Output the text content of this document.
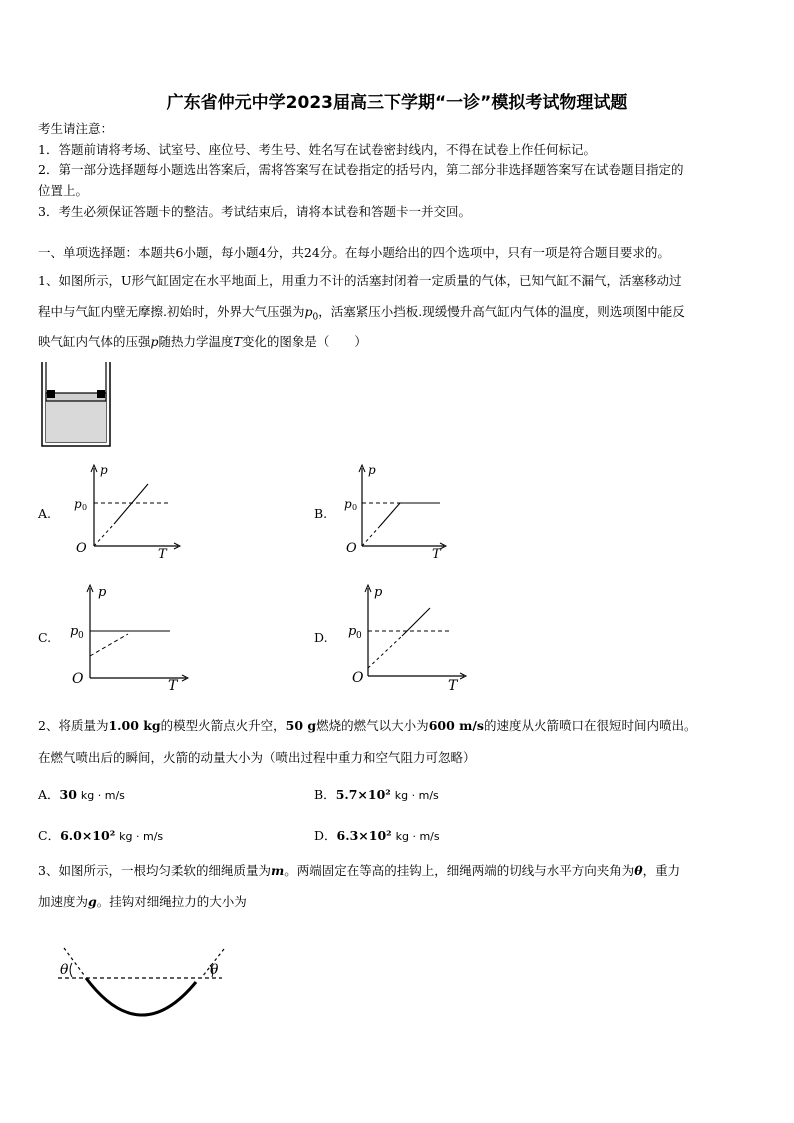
广东省仲元中学2023届高三下学期“一诊”模拟考试物理试题
考生请注意：
1．答题前请将考场、试室号、座位号、考生号、姓名写在试卷密封线内，不得在试卷上作任何标记。
2．第一部分选择题每小题选出答案后，需将答案写在试卷指定的括号内，第二部分非选择题答案写在试卷题目指定的
位置上。
3．考生必须保证答题卡的整洁。考试结束后，请将本试卷和答题卡一并交回。
一、单项选择题：本题共6小题，每小题4分，共24分。在每小题给出的四个选项中，只有一项是符合题目要求的。
1、如图所示，U形气缸固定在水平地面上，用重力不计的活塞封闭着一定质量的气体，已知气缸不漏气，活塞移动过
程中与气缸内壁无摩擦.初始时，外界大气压强为$p_0$，活塞紧压小挡板.现缓慢升高气缸内气体的温度，则选项图中能反
映气缸内气体的压强p随热力学温度T变化的图象是（　　）
A.
p
p 0
O	T
B.
p
p 0
O	T
C.
p
p 0
O	T
D.
p
p 0
O	T
2、将质量为1.00 kg的模型火箭点火升空，50 g燃烧的燃气以大小为600 m/s的速度从火箭喷口在很短时间内喷出。
在燃气喷出后的瞬间，火箭的动量大小为（喷出过程中重力和空气阻力可忽略）
A．30 kg · m/s	B．5.7×10² kg · m/s
C．6.0×10² kg · m/s	D．6.3×10² kg · m/s
3、如图所示，一根均匀柔软的细绳质量为m。两端固定在等高的挂钩上，细绳两端的切线与水平方向夹角为θ，重力
加速度为g。挂钩对细绳拉力的大小为
θ	θ
